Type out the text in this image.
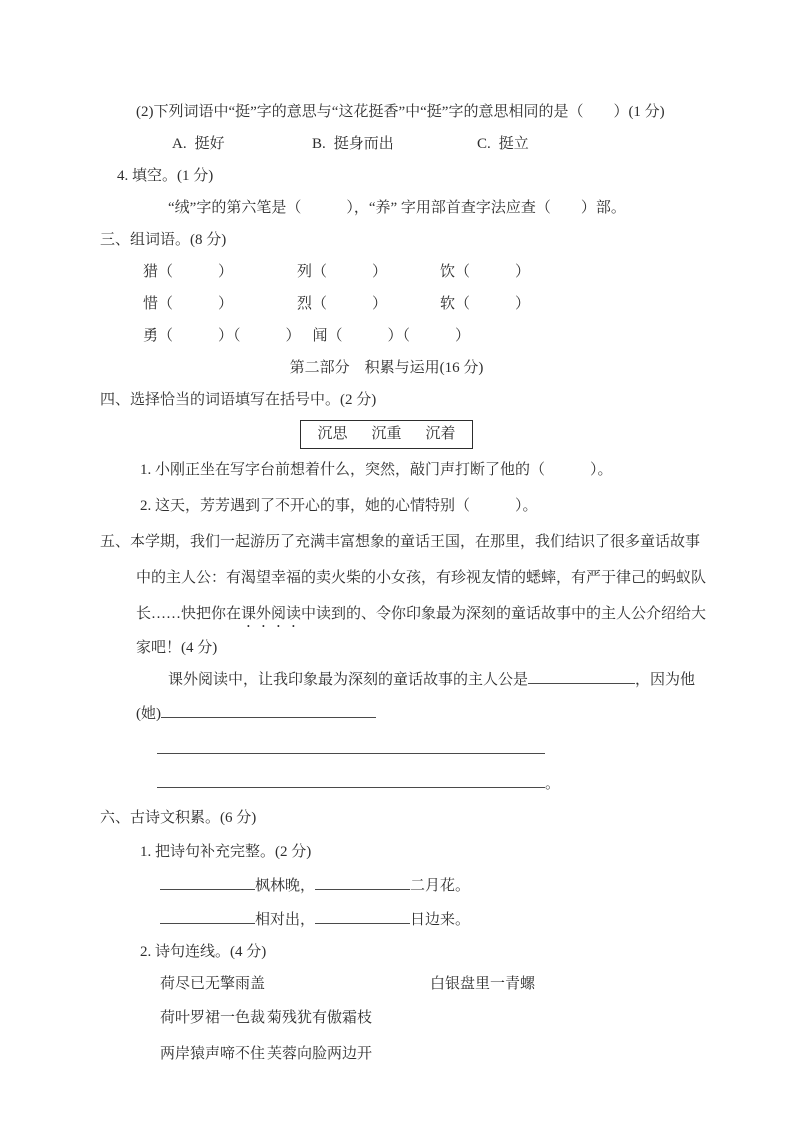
(2)下列词语中“挺”字的意思与“这花挺香”中“挺”字的意思相同的是（　　）(1 分)
A. 挺好	B. 挺身而出	C. 挺立
4. 填空。(1 分)
“绒”字的第六笔是（　　　），“养” 字用部首查字法应查（　　）部。
三、组词语。(8 分)
猎（　　　）	列（　　　）	饮（　　　）
惜（　　　）	烈（　　　）	软（　　　）
勇（　　　）（　　　） 闻（　　　）（　　　）
第二部分　积累与运用(16 分)
四、选择恰当的词语填写在括号中。(2 分)
沉思 沉重 沉着
1. 小刚正坐在写字台前想着什么，突然，敲门声打断了他的（　　　）。
2. 这天，芳芳遇到了不开心的事，她的心情特别（　　　）。
五、本学期，我们一起游历了充满丰富想象的童话王国，在那里，我们结识了很多童话故事
中的主人公：有渴望幸福的卖火柴的小女孩，有珍视友情的蟋蟀，有严于律己的蚂蚁队
长……快把你在课外阅读中读到的、令你印象最为深刻的童话故事中的主人公介绍给大
家吧！(4 分)
课外阅读中，让我印象最为深刻的童话故事的主人公是	，因为他
(她)
。
六、古诗文积累。(6 分)
1. 把诗句补充完整。(2 分)
枫林晚，	二月花。
相对出，	日边来。
2. 诗句连线。(4 分)
荷尽已无擎雨盖	白银盘里一青螺
荷叶罗裙一色裁 菊残犹有傲霜枝
两岸猿声啼不住 芙蓉向脸两边开
